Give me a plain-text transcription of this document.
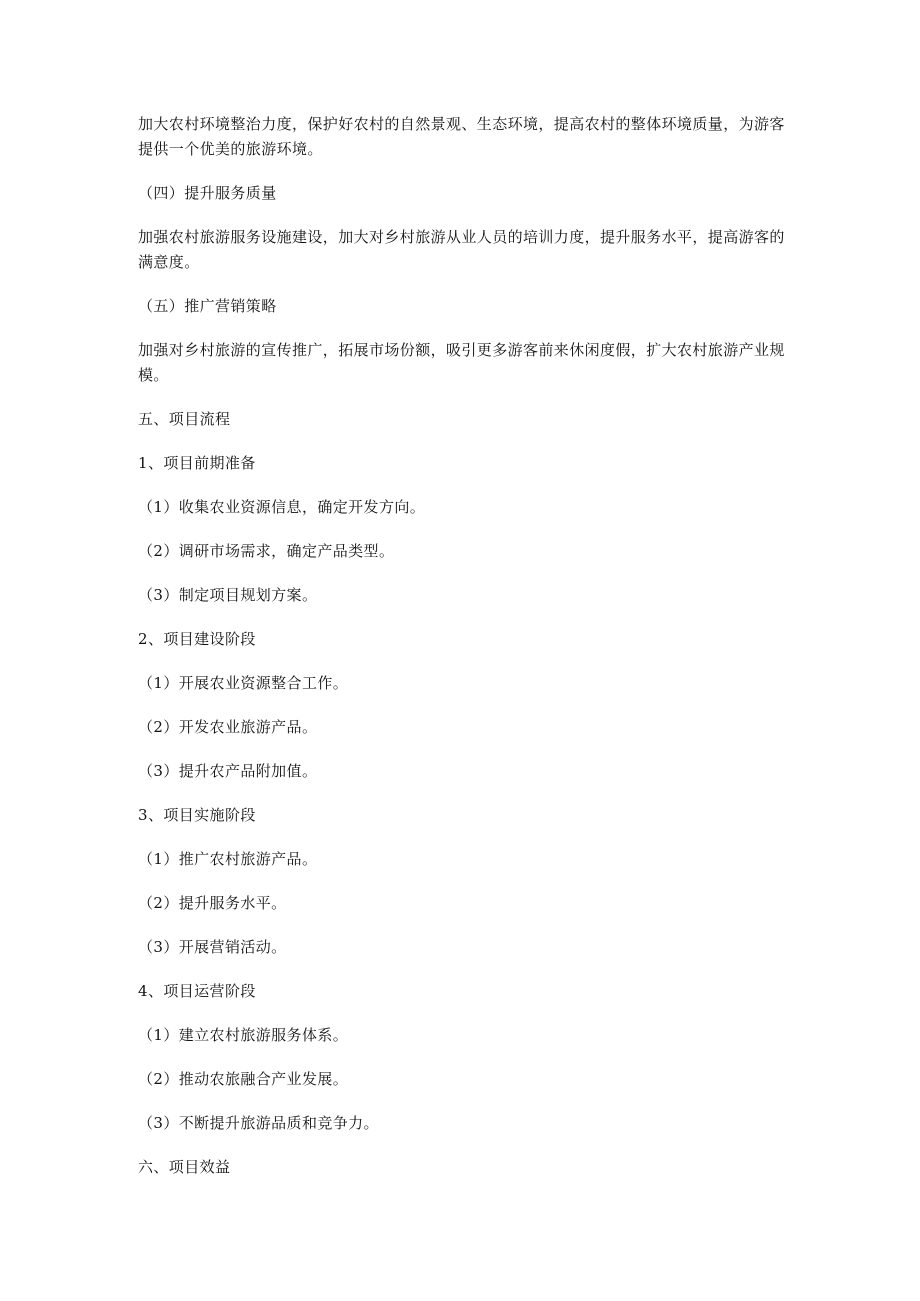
加大农村环境整治力度，保护好农村的自然景观、生态环境，提高农村的整体环境质量，为游客提供一个优美的旅游环境。

（四）提升服务质量

加强农村旅游服务设施建设，加大对乡村旅游从业人员的培训力度，提升服务水平，提高游客的满意度。

（五）推广营销策略

加强对乡村旅游的宣传推广，拓展市场份额，吸引更多游客前来休闲度假，扩大农村旅游产业规模。

五、项目流程

1、项目前期准备

（1）收集农业资源信息，确定开发方向。

（2）调研市场需求，确定产品类型。

（3）制定项目规划方案。

2、项目建设阶段

（1）开展农业资源整合工作。

（2）开发农业旅游产品。

（3）提升农产品附加值。

3、项目实施阶段

（1）推广农村旅游产品。

（2）提升服务水平。

（3）开展营销活动。

4、项目运营阶段

（1）建立农村旅游服务体系。

（2）推动农旅融合产业发展。

（3）不断提升旅游品质和竞争力。

六、项目效益
